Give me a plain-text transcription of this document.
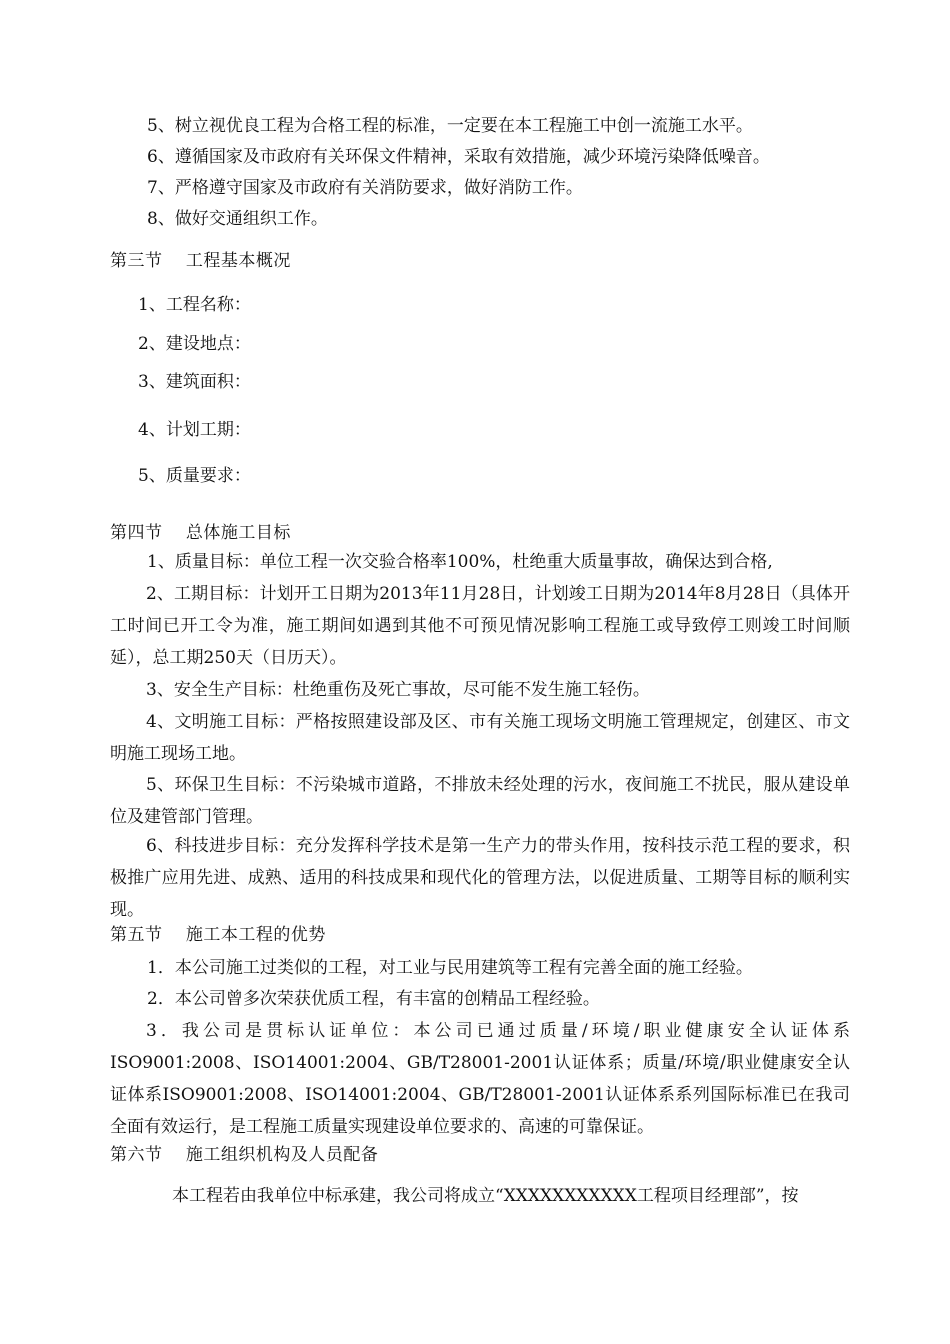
5、树立视优良工程为合格工程的标准，一定要在本工程施工中创一流施工水平。
6、遵循国家及市政府有关环保文件精神，采取有效措施，减少环境污染降低噪音。
7、严格遵守国家及市政府有关消防要求，做好消防工作。
8、做好交通组织工作。
第三节　 工程基本概况
1、工程名称：
2、建设地点：
3、建筑面积：
4、计划工期：
5、质量要求：
第四节　 总体施工目标
1、质量目标：单位工程一次交验合格率100%，杜绝重大质量事故，确保达到合格,
2、工期目标：计划开工日期为2013年11月28日，计划竣工日期为2014年8月28日（具体开工时间已开工令为准，施工期间如遇到其他不可预见情况影响工程施工或导致停工则竣工时间顺延），总工期250天（日历天）。
3、安全生产目标：杜绝重伤及死亡事故，尽可能不发生施工轻伤。
4、文明施工目标：严格按照建设部及区、市有关施工现场文明施工管理规定，创建区、市文明施工现场工地。
5、环保卫生目标：不污染城市道路，不排放未经处理的污水，夜间施工不扰民，服从建设单位及建管部门管理。
6、科技进步目标：充分发挥科学技术是第一生产力的带头作用，按科技示范工程的要求，积极推广应用先进、成熟、适用的科技成果和现代化的管理方法，以促进质量、工期等目标的顺利实现。
第五节　 施工本工程的优势
1．本公司施工过类似的工程，对工业与民用建筑等工程有完善全面的施工经验。
2．本公司曾多次荣获优质工程，有丰富的创精品工程经验。
3．我公司是贯标认证单位：本公司已通过质量/环境/职业健康安全认证体系ISO9001:2008、ISO14001:2004、GB/T28001-2001认证体系；质量/环境/职业健康安全认证体系ISO9001:2008、ISO14001:2004、GB/T28001-2001认证体系系列国际标准已在我司全面有效运行，是工程施工质量实现建设单位要求的、高速的可靠保证。
第六节　 施工组织机构及人员配备
本工程若由我单位中标承建，我公司将成立“XXXXXXXXXXX工程项目经理部”，按
